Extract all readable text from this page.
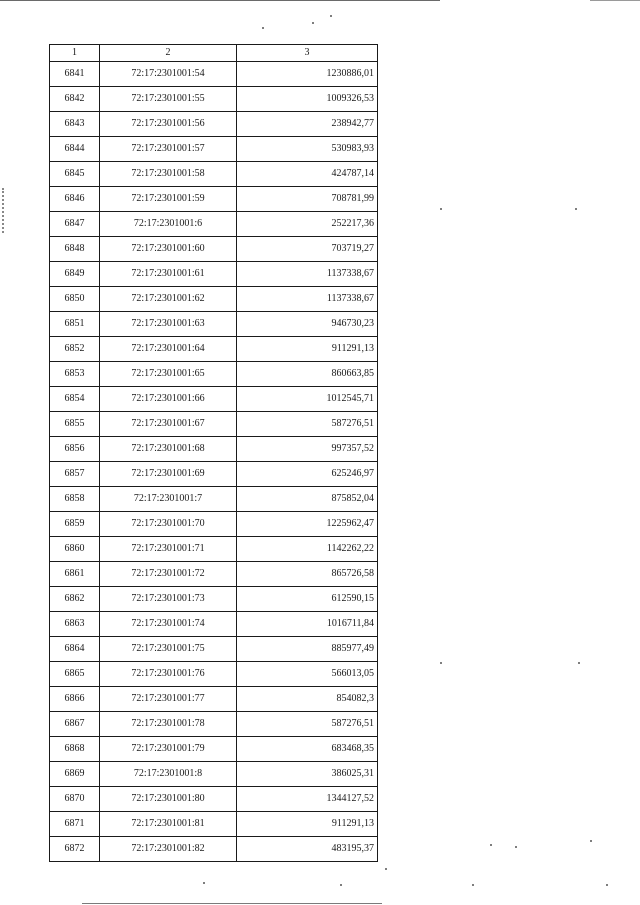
1	2	3
6841	72:17:2301001:54	1230886,01
6842	72:17:2301001:55	1009326,53
6843	72:17:2301001:56	238942,77
6844	72:17:2301001:57	530983,93
6845	72:17:2301001:58	424787,14
6846	72:17:2301001:59	708781,99
6847	72:17:2301001:6	252217,36
6848	72:17:2301001:60	703719,27
6849	72:17:2301001:61	1137338,67
6850	72:17:2301001:62	1137338,67
6851	72:17:2301001:63	946730,23
6852	72:17:2301001:64	911291,13
6853	72:17:2301001:65	860663,85
6854	72:17:2301001:66	1012545,71
6855	72:17:2301001:67	587276,51
6856	72:17:2301001:68	997357,52
6857	72:17:2301001:69	625246,97
6858	72:17:2301001:7	875852,04
6859	72:17:2301001:70	1225962,47
6860	72:17:2301001:71	1142262,22
6861	72:17:2301001:72	865726,58
6862	72:17:2301001:73	612590,15
6863	72:17:2301001:74	1016711,84
6864	72:17:2301001:75	885977,49
6865	72:17:2301001:76	566013,05
6866	72:17:2301001:77	854082,3
6867	72:17:2301001:78	587276,51
6868	72:17:2301001:79	683468,35
6869	72:17:2301001:8	386025,31
6870	72:17:2301001:80	1344127,52
6871	72:17:2301001:81	911291,13
6872	72:17:2301001:82	483195,37
